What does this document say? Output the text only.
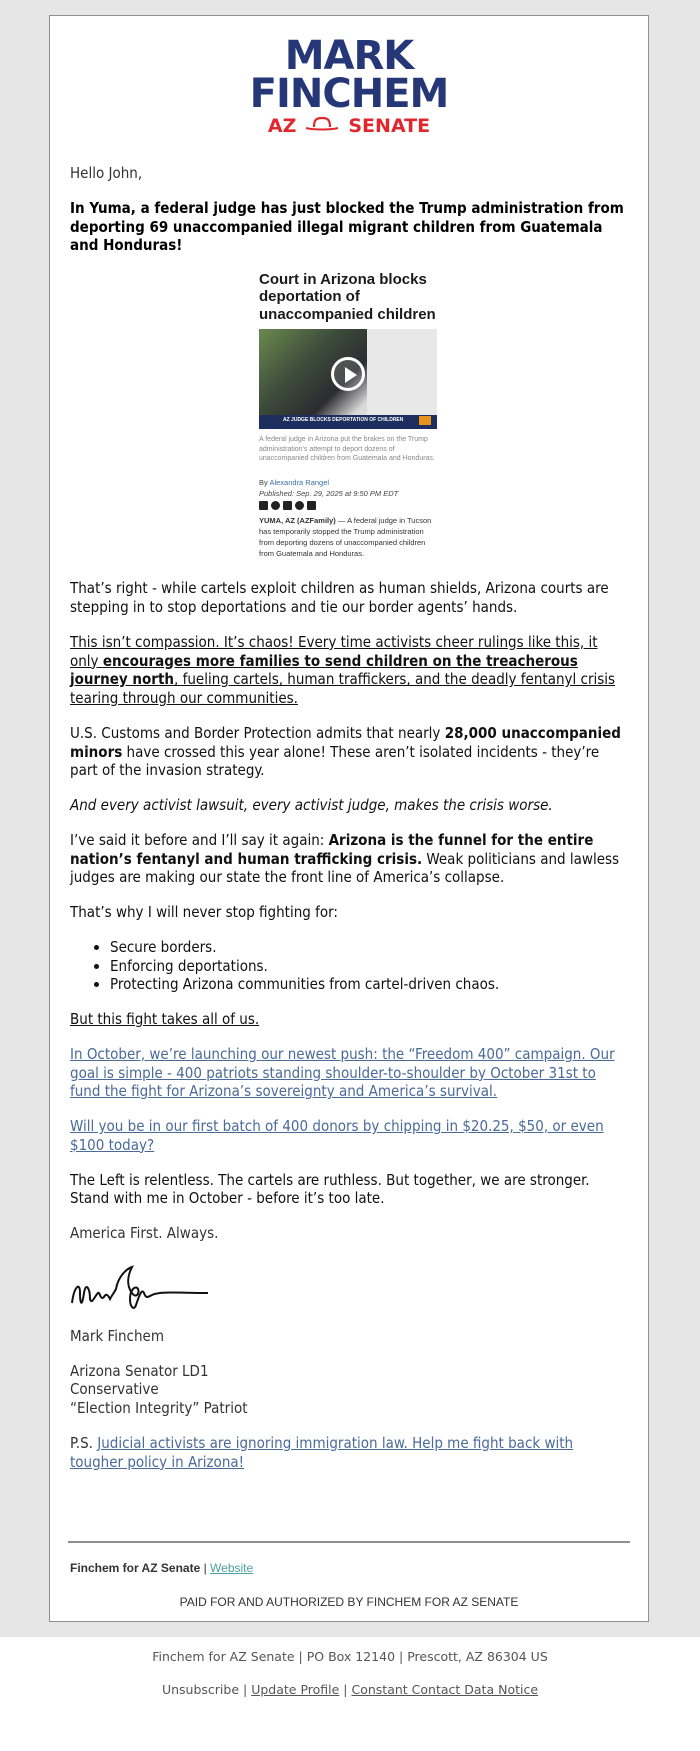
MARK
FINCHEM
AZ	SENATE

Hello John,

In Yuma, a federal judge has just blocked the Trump administration from deporting 69 unaccompanied illegal migrant children from Guatemala and Honduras!

Court in Arizona blocks deportation of unaccompanied children
AZ JUDGE BLOCKS DEPORTATION OF CHILDREN
A federal judge in Arizona put the brakes on the Trump administration's attempt to deport dozens of unaccompanied children from Guatemala and Honduras.
By Alexandra Rangel
Published: Sep. 29, 2025 at 9:50 PM EDT
YUMA, AZ (AZFamily) — A federal judge in Tucson has temporarily stopped the Trump administration from deporting dozens of unaccompanied children from Guatemala and Honduras.

That’s right - while cartels exploit children as human shields, Arizona courts are stepping in to stop deportations and tie our border agents’ hands.

This isn’t compassion. It’s chaos! Every time activists cheer rulings like this, it only encourages more families to send children on the treacherous journey north, fueling cartels, human traffickers, and the deadly fentanyl crisis tearing through our communities.

U.S. Customs and Border Protection admits that nearly 28,000 unaccompanied minors have crossed this year alone! These aren’t isolated incidents - they’re part of the invasion strategy.

And every activist lawsuit, every activist judge, makes the crisis worse.

I’ve said it before and I’ll say it again: Arizona is the funnel for the entire nation’s fentanyl and human trafficking crisis. Weak politicians and lawless judges are making our state the front line of America’s collapse.

That’s why I will never stop fighting for:

• Secure borders.
• Enforcing deportations.
• Protecting Arizona communities from cartel-driven chaos.

But this fight takes all of us.

In October, we’re launching our newest push: the “Freedom 400” campaign. Our goal is simple - 400 patriots standing shoulder-to-shoulder by October 31st to fund the fight for Arizona’s sovereignty and America’s survival.

Will you be in our first batch of 400 donors by chipping in $20.25, $50, or even $100 today?

The Left is relentless. The cartels are ruthless. But together, we are stronger. Stand with me in October - before it’s too late.

America First. Always.

Mark Finchem

Arizona Senator LD1
Conservative
“Election Integrity” Patriot

P.S. Judicial activists are ignoring immigration law. Help me fight back with tougher policy in Arizona!

Finchem for AZ Senate | Website
PAID FOR AND AUTHORIZED BY FINCHEM FOR AZ SENATE
Finchem for AZ Senate | PO Box 12140 | Prescott, AZ 86304 US
Unsubscribe | Update Profile | Constant Contact Data Notice
